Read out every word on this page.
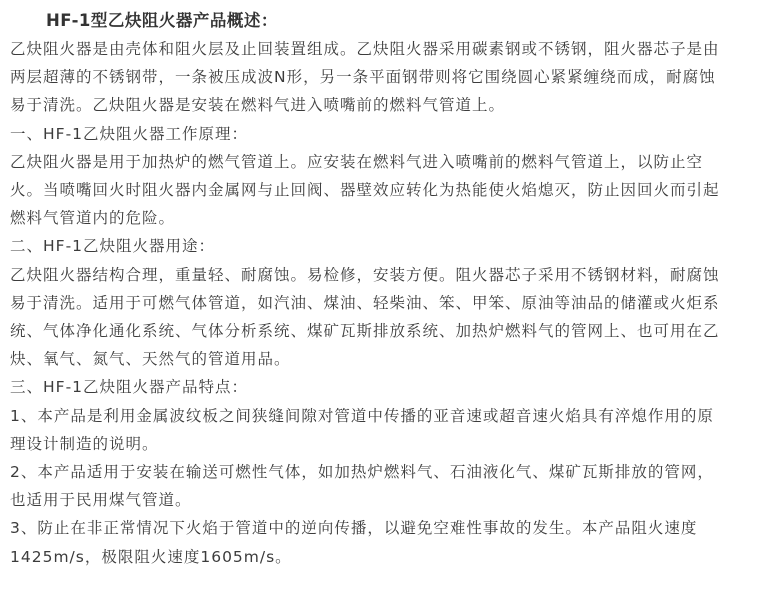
HF-1型乙炔阻火器产品概述：
乙炔阻火器是由壳体和阻火层及止回装置组成。乙炔阻火器采用碳素钢或不锈钢，阻火器芯子是由
两层超薄的不锈钢带，一条被压成波N形，另一条平面钢带则将它围绕圆心紧紧缠绕而成，耐腐蚀
易于清洗。乙炔阻火器是安装在燃料气进入喷嘴前的燃料气管道上。
一、HF-1乙炔阻火器工作原理：
乙炔阻火器是用于加热炉的燃气管道上。应安装在燃料气进入喷嘴前的燃料气管道上，以防止空
火。当喷嘴回火时阻火器内金属网与止回阀、器壁效应转化为热能使火焰熄灭，防止因回火而引起
燃料气管道内的危险。
二、HF-1乙炔阻火器用途：
乙炔阻火器结构合理，重量轻、耐腐蚀。易检修，安装方便。阻火器芯子采用不锈钢材料，耐腐蚀
易于清洗。适用于可燃气体管道，如汽油、煤油、轻柴油、笨、甲笨、原油等油品的储灌或火炬系
统、气体净化通化系统、气体分析系统、煤矿瓦斯排放系统、加热炉燃料气的管网上、也可用在乙
炔、氧气、氮气、天然气的管道用品。
三、HF-1乙炔阻火器产品特点：
1、本产品是利用金属波纹板之间狭缝间隙对管道中传播的亚音速或超音速火焰具有淬熄作用的原
理设计制造的说明。
2、本产品适用于安装在输送可燃性气体，如加热炉燃料气、石油液化气、煤矿瓦斯排放的管网，
也适用于民用煤气管道。
3、防止在非正常情况下火焰于管道中的逆向传播，以避免空难性事故的发生。本产品阻火速度
1425m/s，极限阻火速度1605m/s。
